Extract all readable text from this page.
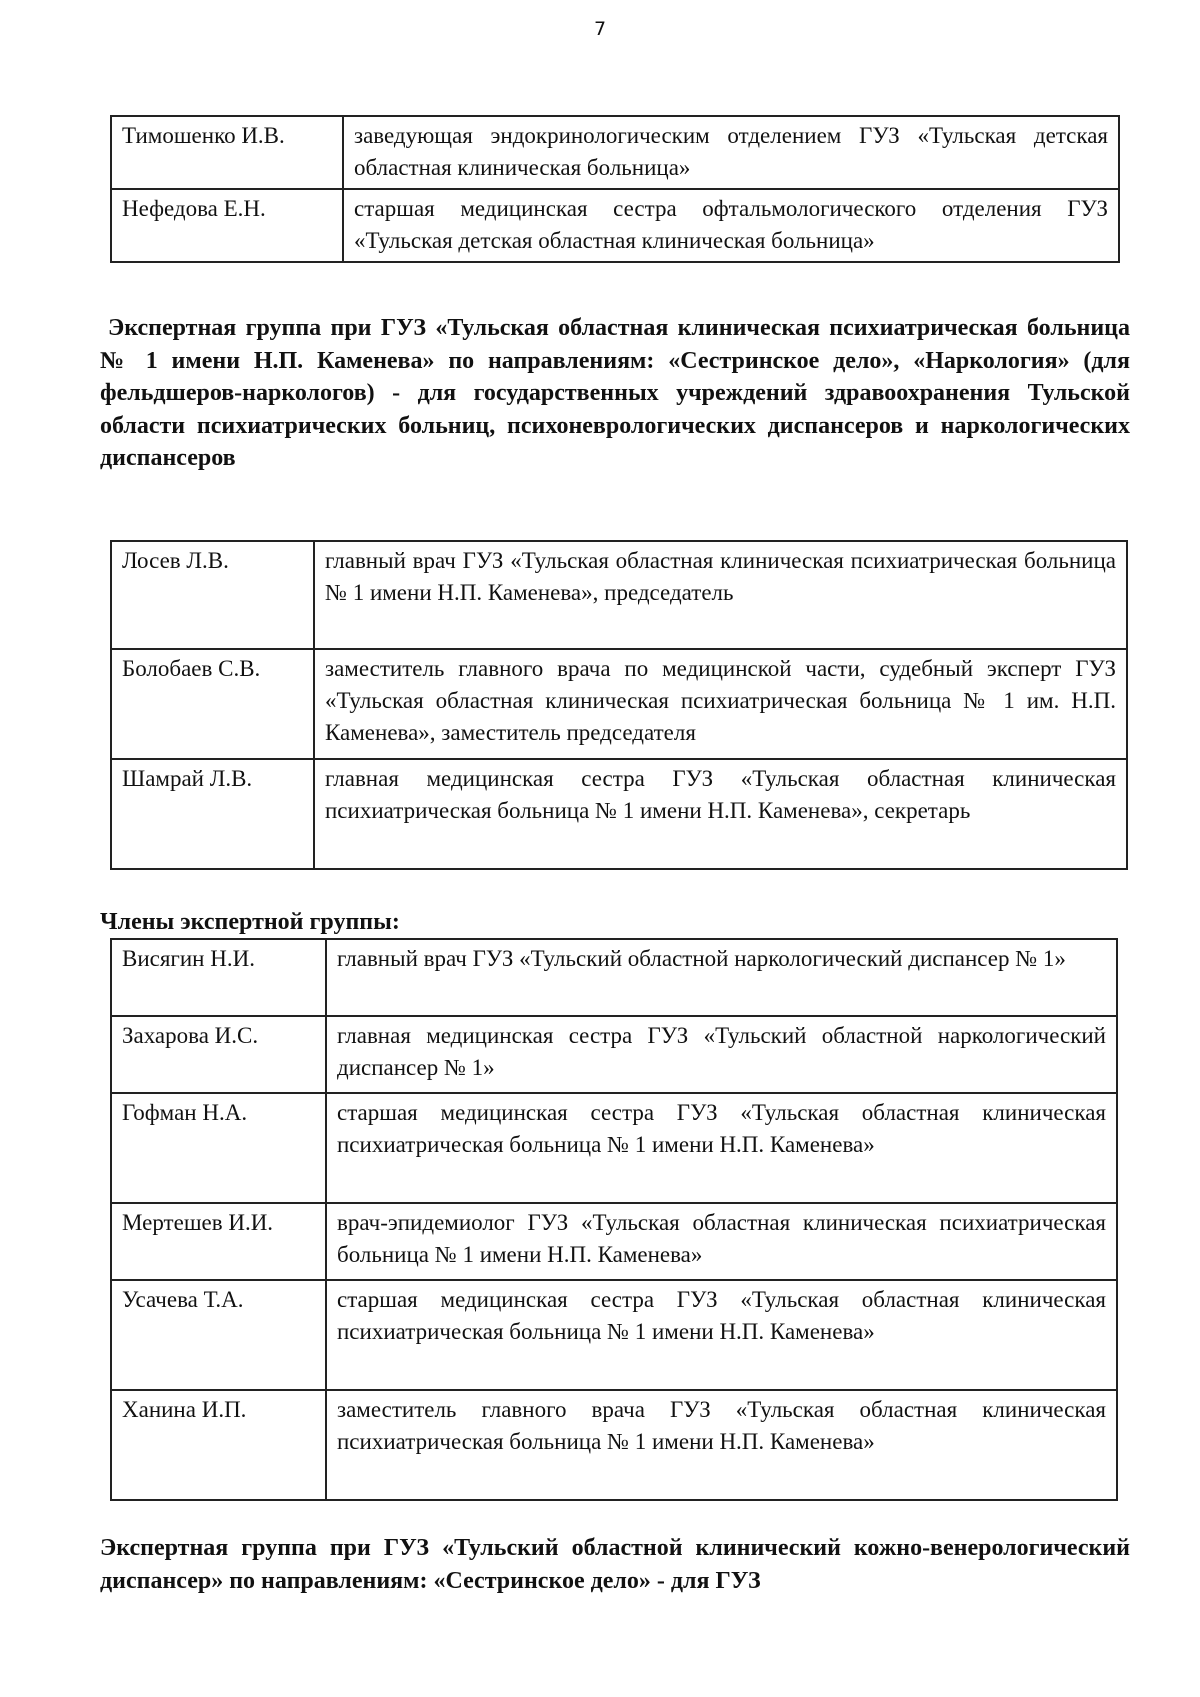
7
Тимошенко И.В.	заведующая эндокринологическим отделением ГУЗ «Тульская детская областная клиническая больница»
Нефедова Е.Н.	старшая медицинская сестра офтальмологического отделения ГУЗ «Тульская детская областная клиническая больница»
Экспертная группа при ГУЗ «Тульская областная клиническая психиатрическая больница № 1 имени Н.П. Каменева» по направлениям: «Сестринское дело», «Наркология» (для фельдшеров-наркологов) - для государственных учреждений здравоохранения Тульской области психиатрических больниц, психоневрологических диспансеров и наркологических диспансеров
Лосев Л.В.	главный врач ГУЗ «Тульская областная клиническая психиатрическая больница № 1 имени Н.П. Каменева», председатель
Болобаев С.В.	заместитель главного врача по медицинской части, судебный эксперт ГУЗ «Тульская областная клиническая психиатрическая больница № 1 им. Н.П. Каменева», заместитель председателя
Шамрай Л.В.	главная медицинская сестра ГУЗ «Тульская областная клиническая психиатрическая больница № 1 имени Н.П. Каменева», секретарь
Члены экспертной группы:
Висягин Н.И.	главный врач ГУЗ «Тульский областной наркологический диспансер № 1»
Захарова И.С.	главная медицинская сестра ГУЗ «Тульский областной наркологический диспансер № 1»
Гофман Н.А.	старшая медицинская сестра ГУЗ «Тульская областная клиническая психиатрическая больница № 1 имени Н.П. Каменева»
Мертешев И.И.	врач-эпидемиолог ГУЗ «Тульская областная клиническая психиатрическая больница № 1 имени Н.П. Каменева»
Усачева Т.А.	старшая медицинская сестра ГУЗ «Тульская областная клиническая психиатрическая больница № 1 имени Н.П. Каменева»
Ханина И.П.	заместитель главного врача ГУЗ «Тульская областная клиническая психиатрическая больница № 1 имени Н.П. Каменева»
Экспертная группа при ГУЗ «Тульский областной клинический кожно-венерологический диспансер» по направлениям: «Сестринское дело» - для ГУЗ
